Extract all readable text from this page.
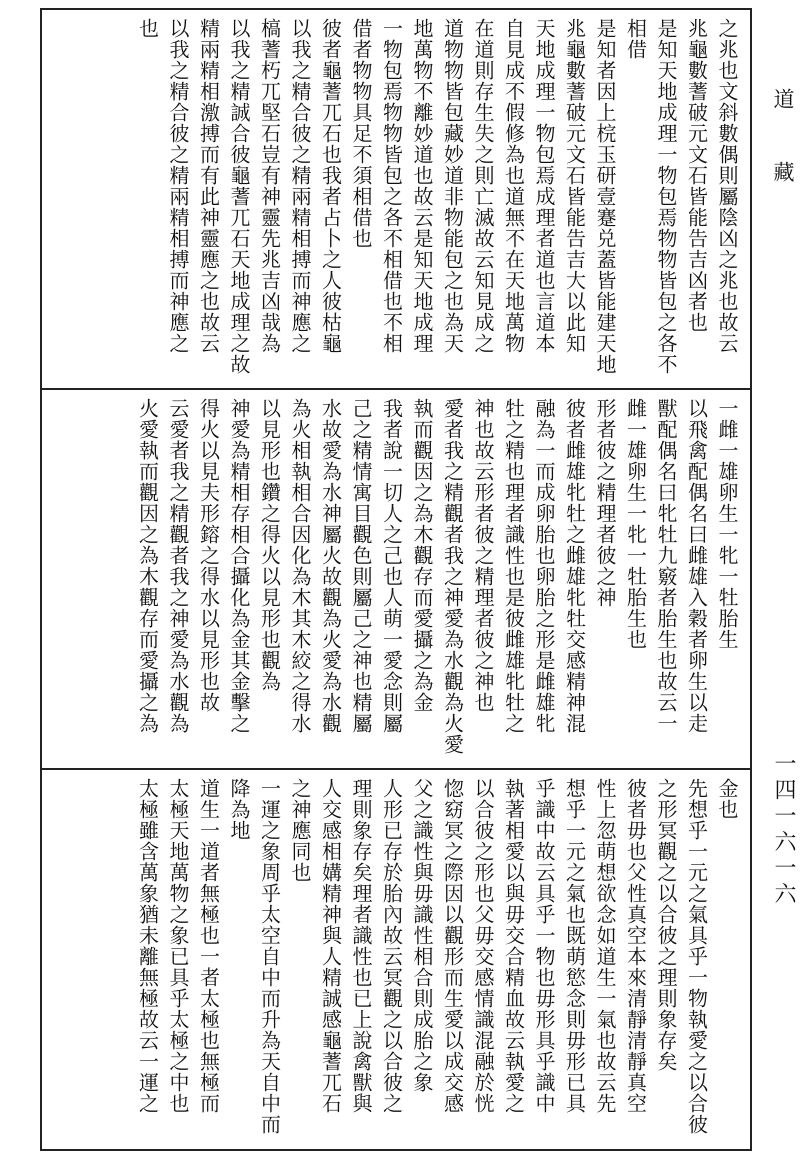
道藏
一四一六一六
之兆也文斜數偶則屬陰凶之兆也故云
兆龜數蓍破元文石皆能告吉凶者也
是知天地成理一物包焉物物皆包之各不
相借
是知者因上梡玉研壹蹇兑蓋皆能建天地
兆龜數蓍破元文石皆能告吉大以此知
天地成理一物包焉成理者道也言道本
自見成不假修為也道無不在天地萬物
在道則存生失之則亡滅故云知見成之
道物物皆包藏妙道非物能包之也為天
地萬物不離妙道也故云是知天地成理
一物包焉物物皆包之各不相借也不相
借者物物具足不須相借也
彼者龜蓍兀石也我者占卜之人彼枯龜
以我之精合彼之精兩精相搏而神應之
槁蓍朽兀堅石豈有神靈先兆吉凶哉為
以我之精誠合彼龜蓍兀石天地成理之故
精兩精相激搏而有此神靈應之也故云
以我之精合彼之精兩精相搏而神應之
也
一雌一雄卵生一牝一牡胎生
以飛禽配偶名曰雌雄入穀者卵生以走
獸配偶名曰牝牡九竅者胎生也故云一
雌一雄卵生一牝一牡胎生也
形者彼之精理者彼之神
彼者雌雄牝牡之雌雄牝牡交感精神混
融為一而成卵胎也卵胎之形是雌雄牝
牡之精也理者識性也是彼雌雄牝牡之
神也故云形者彼之精理者彼之神也
愛者我之精觀者我之神愛為水觀為火愛
執而觀因之為木觀存而愛攝之為金
我者說一切人之己也人萌一愛念則屬
己之精情寓目觀色則屬己之神也精屬
水故愛為水神屬火故觀為火愛為水觀
為火相執相合因化為木其木絞之得水
以見形也鑽之得火以見形也觀為
神愛為精相存相合攝化為金其金擊之
得火以見夫形鎔之得水以見形也故
云愛者我之精觀者我之神愛為水觀為
火愛執而觀因之為木觀存而愛攝之為
金也
先想乎一元之氣具乎一物執愛之以合彼
之形冥觀之以合彼之理則象存矣
彼者毋也父性真空本來清靜清靜真空
性上忽萌想欲念如道生一氣也故云先
想乎一元之氣也既萌慾念則毋形已具
乎識中故云具乎一物也毋形具乎識中
執著相愛以與毋交合精血故云執愛之
以合彼之形也父毋交感情識混融於恍
惚窈冥之際因以觀形而生愛以成交感
父之識性與毋識性相合則成胎之象
人形已存於胎內故云冥觀之以合彼之
理則象存矣理者識性也已上說禽獸與
人交感相媾精神與人精誠感龜蓍兀石
之神應同也
一運之象周乎太空自中而升為天自中而
降為地
道生一道者無極也一者太極也無極而
太極天地萬物之象已具乎太極之中也
太極雖含萬象猶未離無極故云一運之
